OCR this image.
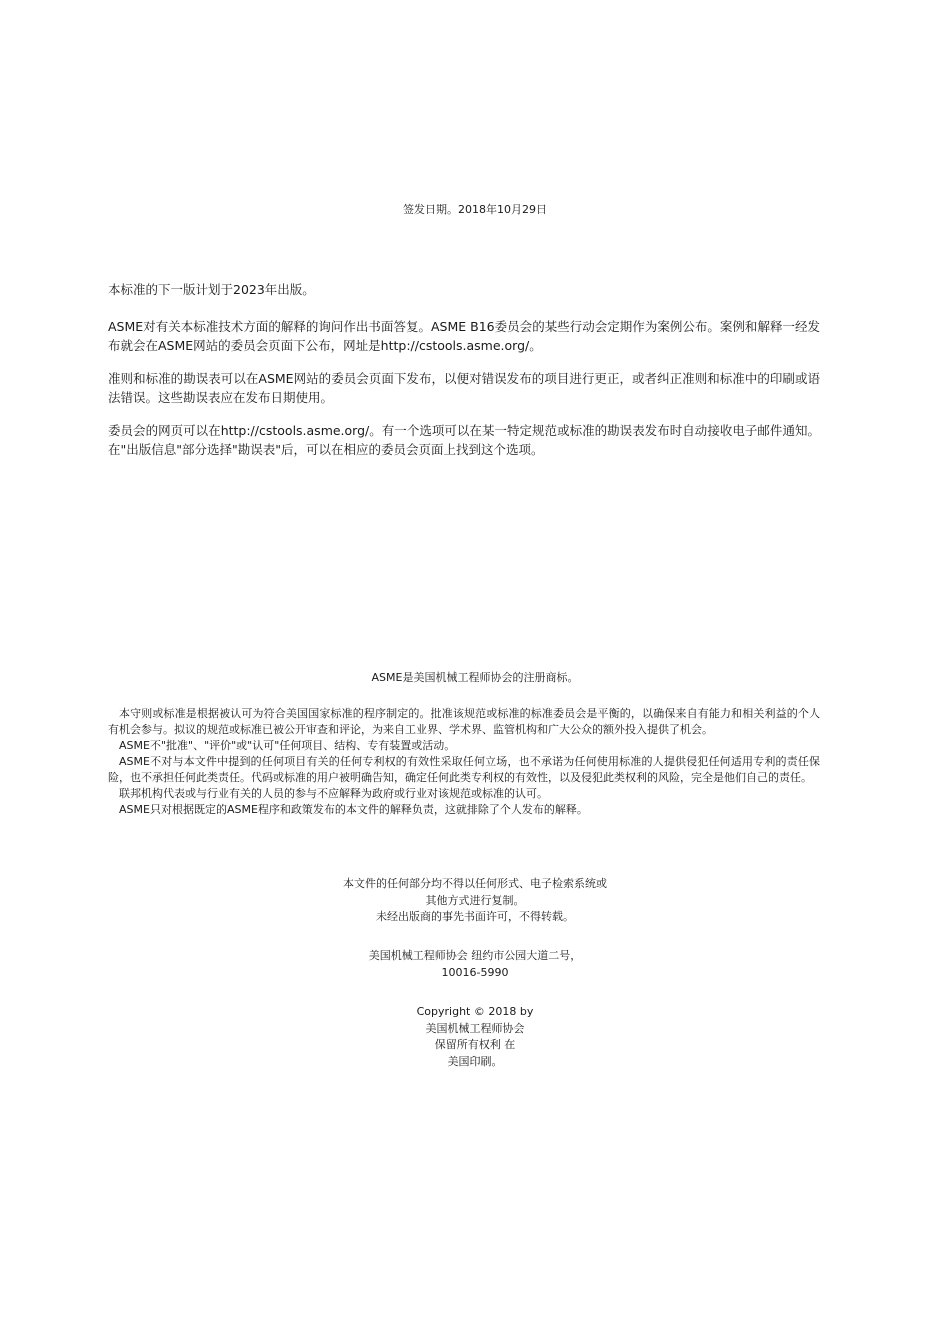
签发日期。2018年10月29日

本标准的下一版计划于2023年出版。

ASME对有关本标准技术方面的解释的询问作出书面答复。ASME B16委员会的某些行动会定期作为案例公布。案例和解释一经发布就会在ASME网站的委员会页面下公布，网址是http://cstools.asme.org/。

准则和标准的勘误表可以在ASME网站的委员会页面下发布，以便对错误发布的项目进行更正，或者纠正准则和标准中的印刷或语法错误。这些勘误表应在发布日期使用。

委员会的网页可以在http://cstools.asme.org/。有一个选项可以在某一特定规范或标准的勘误表发布时自动接收电子邮件通知。在"出版信息"部分选择"勘误表"后，可以在相应的委员会页面上找到这个选项。

ASME是美国机械工程师协会的注册商标。

本守则或标准是根据被认可为符合美国国家标准的程序制定的。批准该规范或标准的标准委员会是平衡的，以确保来自有能力和相关利益的个人有机会参与。拟议的规范或标准已被公开审查和评论，为来自工业界、学术界、监管机构和广大公众的额外投入提供了机会。

ASME不"批准"、"评价"或"认可"任何项目、结构、专有装置或活动。

ASME不对与本文件中提到的任何项目有关的任何专利权的有效性采取任何立场，也不承诺为任何使用标准的人提供侵犯任何适用专利的责任保险，也不承担任何此类责任。代码或标准的用户被明确告知，确定任何此类专利权的有效性，以及侵犯此类权利的风险，完全是他们自己的责任。

联邦机构代表或与行业有关的人员的参与不应解释为政府或行业对该规范或标准的认可。

ASME只对根据既定的ASME程序和政策发布的本文件的解释负责，这就排除了个人发布的解释。

本文件的任何部分均不得以任何形式、电子检索系统或
其他方式进行复制。
未经出版商的事先书面许可，不得转载。
美国机械工程师协会 纽约市公园大道二号，
10016-5990
Copyright © 2018 by
美国机械工程师协会
保留所有权利 在
美国印刷。
